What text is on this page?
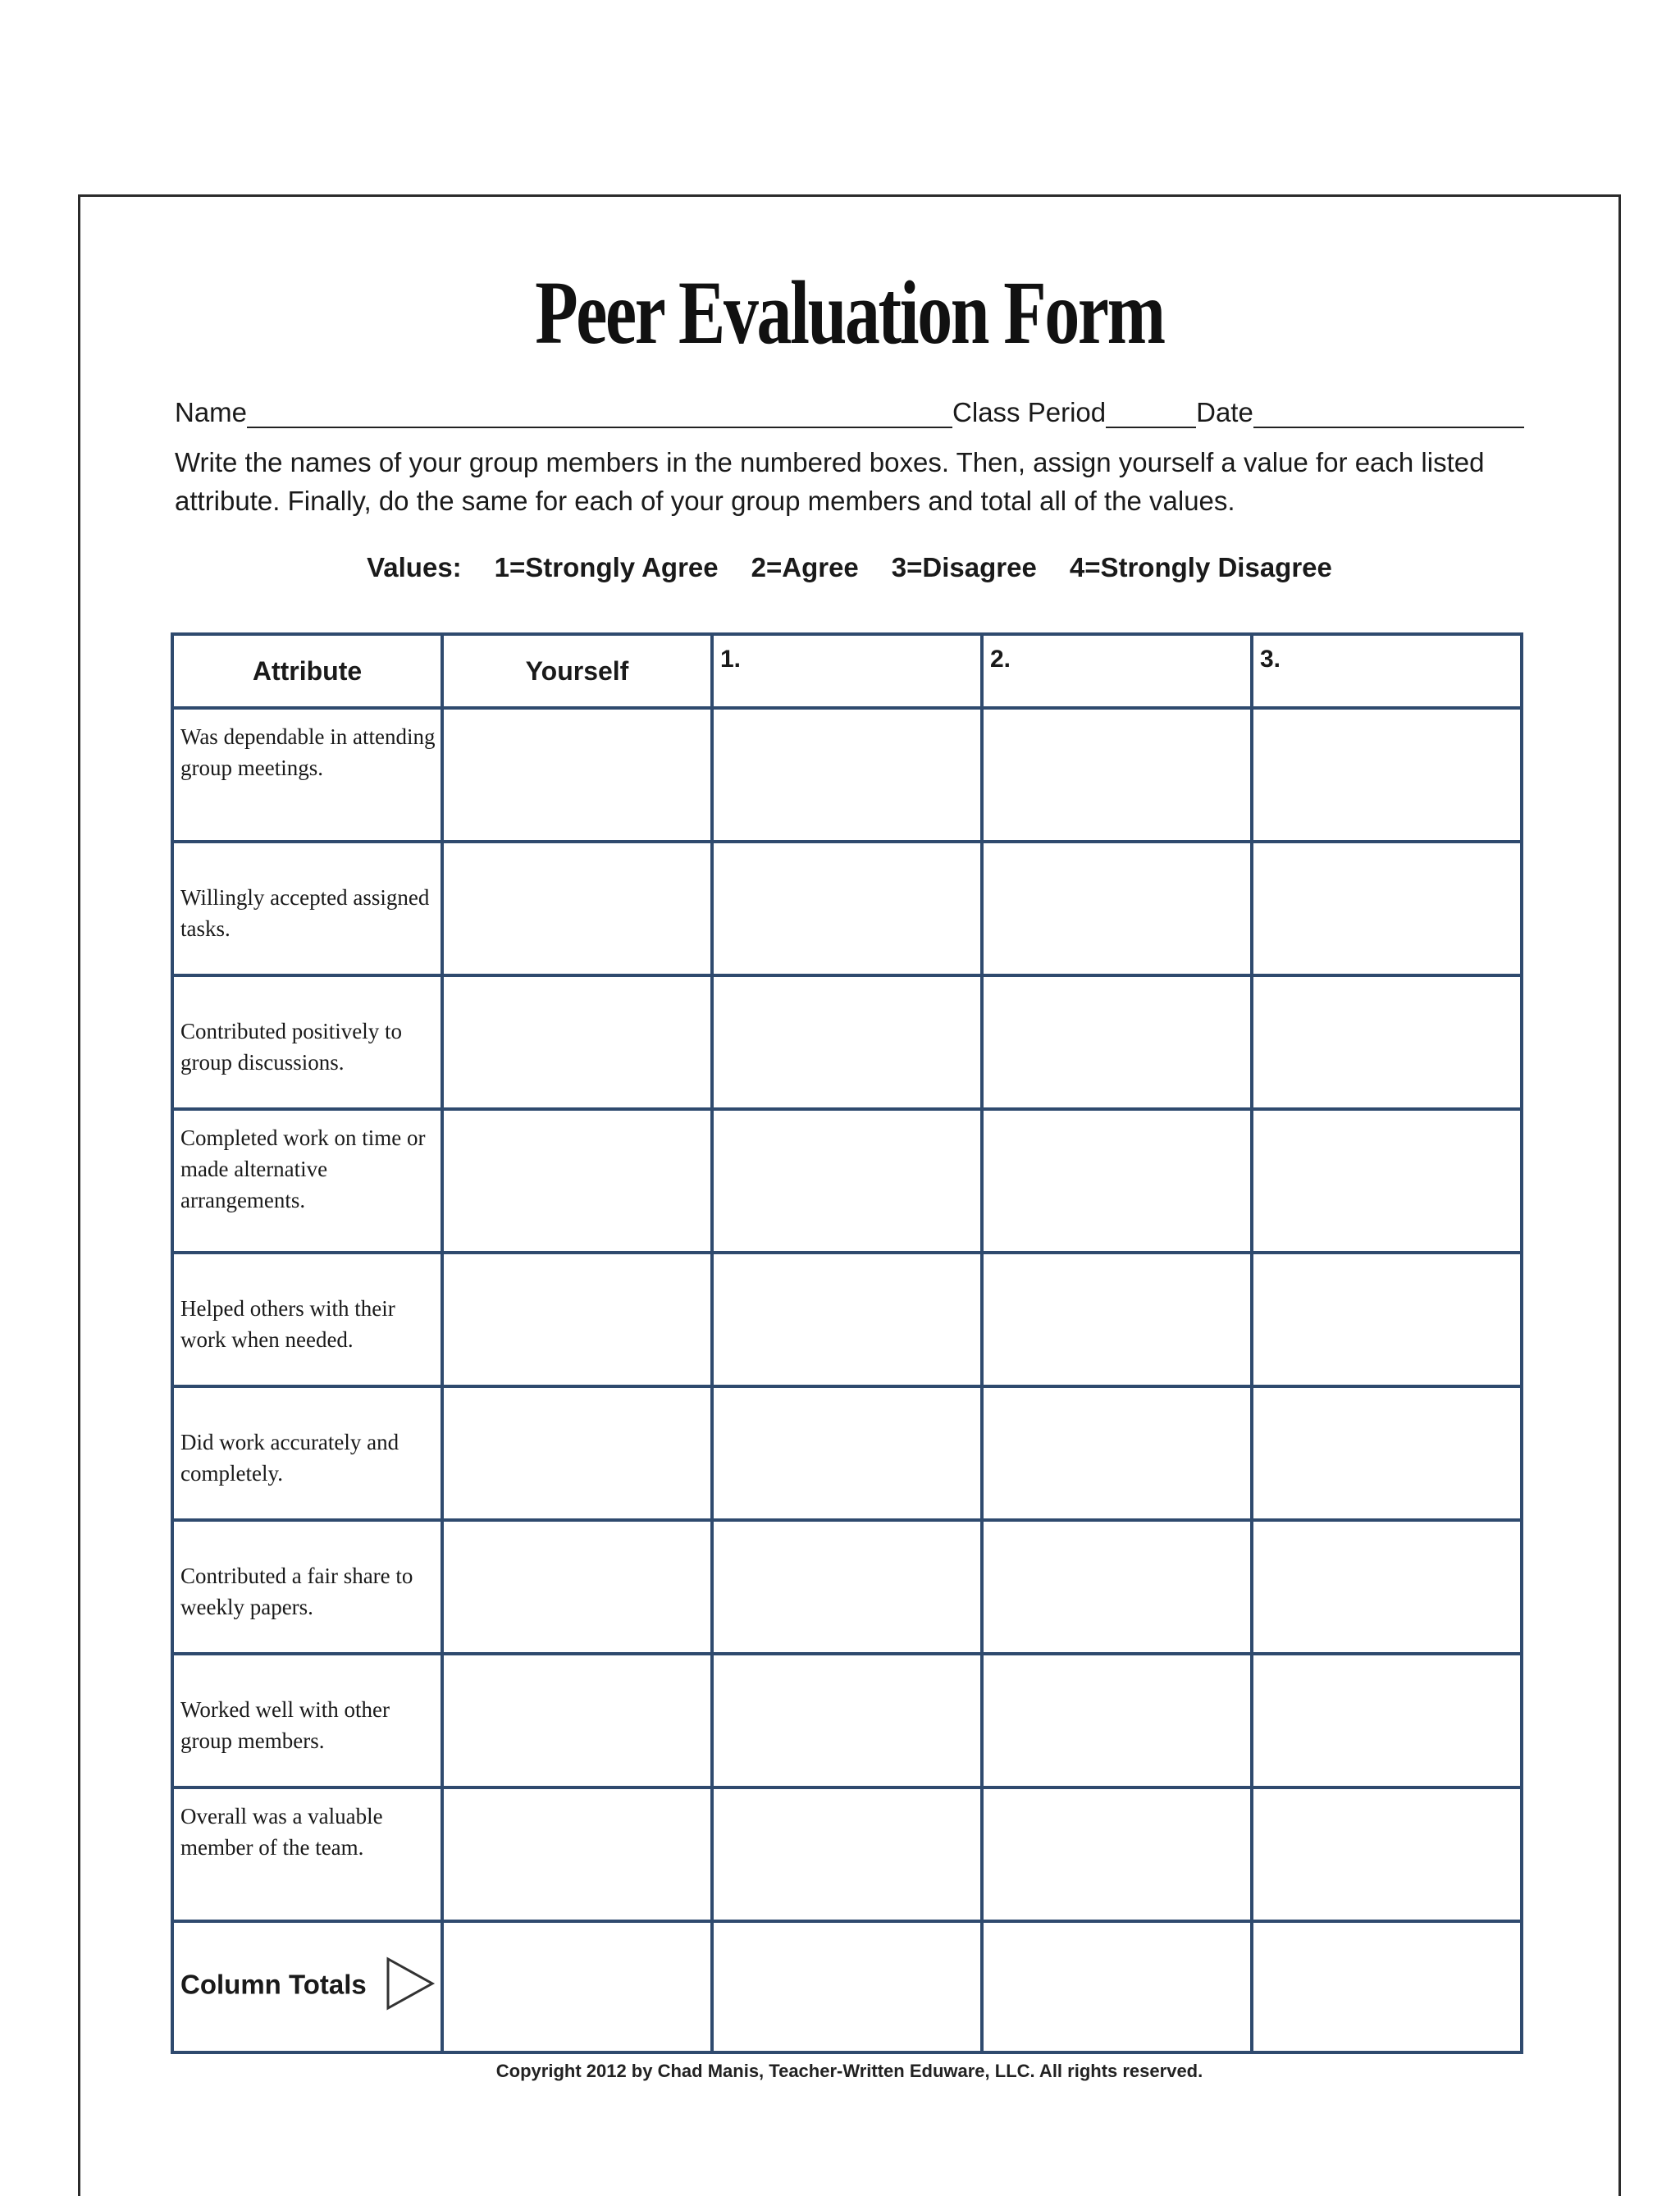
Peer Evaluation Form
Name	Class Period	Date

Write the names of your group members in the numbered boxes. Then, assign yourself a value for each listed attribute. Finally, do the same for each of your group members and total all of the values.

Values: 1=Strongly Agree 2=Agree 3=Disagree 4=Strongly Disagree
Attribute	Yourself	1.	2.	3.
Was dependable in attending group meetings.				
Willingly accepted assigned tasks.				
Contributed positively to group discussions.				
Completed work on time or made alternative arrangements.				
Helped others with their work when needed.				
Did work accurately and completely.				
Contributed a fair share to weekly papers.				
Worked well with other group members.				
Overall was a valuable member of the team.				
Column Totals				
Copyright 2012 by Chad Manis, Teacher-Written Eduware, LLC. All rights reserved.
